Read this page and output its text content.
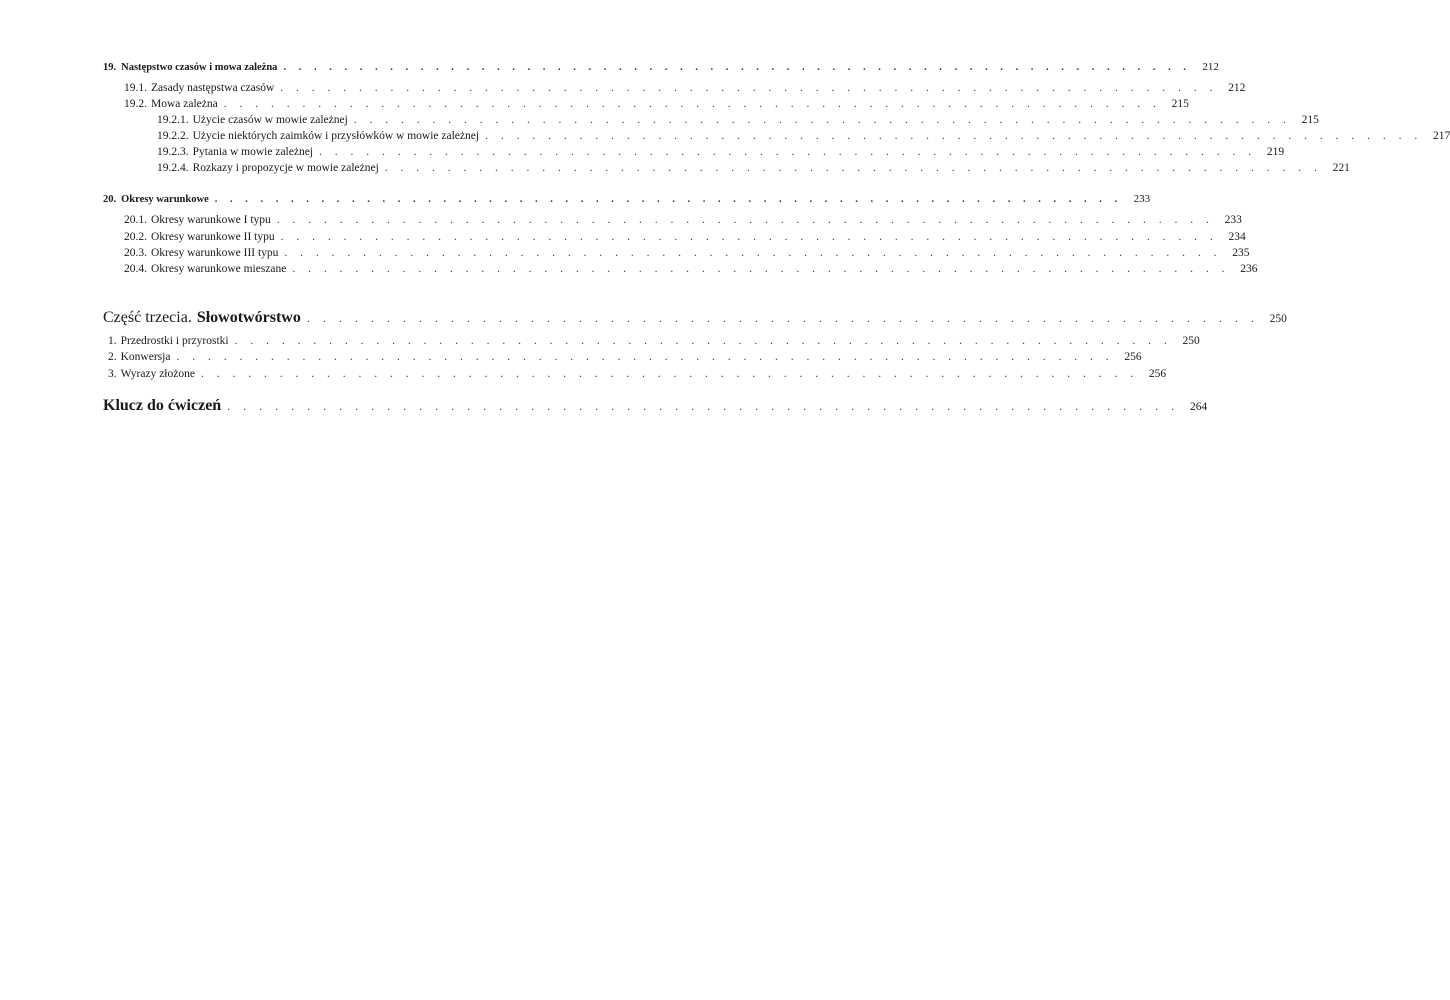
19. Następstwo czasów i mowa zależna . . . . . . . . . . . . . . . . . . . . . . . . . . . . . . . . . . . . . . . . . . . . . . . . . . . . . . . . . . . .	212
19.1. Zasady następstwa czasów . . . . . . . . . . . . . . . . . . . . . . . . . . . . . . . . . . . . . . . . . . . . . . . . . . . . . . . . . . . . 212
19.2. Mowa zależna . . . . . . . . . . . . . . . . . . . . . . . . . . . . . . . . . . . . . . . . . . . . . . . . . . . . . . . . . . . . 215
19.2.1. Użycie czasów w mowie zależnej . . . . . . . . . . . . . . . . . . . . . . . . . . . . . . . . . . . . . . . . . . . . . . . . . . . . . . . . . . . . 215
19.2.2. Użycie niektórych zaimków i przysłówków w mowie zależnej . . . . . . . . . . . . . . . . . . . . . . . . . . . . . . . . . . . . . . . . . . . . . . . . . . . . . . . . . . . . 217
19.2.3. Pytania w mowie zależnej . . . . . . . . . . . . . . . . . . . . . . . . . . . . . . . . . . . . . . . . . . . . . . . . . . . . . . . . . . . . 219
19.2.4. Rozkazy i propozycje w mowie zależnej . . . . . . . . . . . . . . . . . . . . . . . . . . . . . . . . . . . . . . . . . . . . . . . . . . . . . . . . . . . . 221
20. Okresy warunkowe . . . . . . . . . . . . . . . . . . . . . . . . . . . . . . . . . . . . . . . . . . . . . . . . . . . . . . . . . . . .	233
20.1. Okresy warunkowe I typu . . . . . . . . . . . . . . . . . . . . . . . . . . . . . . . . . . . . . . . . . . . . . . . . . . . . . . . . . . . . 233
20.2. Okresy warunkowe II typu . . . . . . . . . . . . . . . . . . . . . . . . . . . . . . . . . . . . . . . . . . . . . . . . . . . . . . . . . . . . 234
20.3. Okresy warunkowe III typu . . . . . . . . . . . . . . . . . . . . . . . . . . . . . . . . . . . . . . . . . . . . . . . . . . . . . . . . . . . . 235
20.4. Okresy warunkowe mieszane . . . . . . . . . . . . . . . . . . . . . . . . . . . . . . . . . . . . . . . . . . . . . . . . . . . . . . . . . . . . 236
Część trzecia. Słowotwórstwo . . . . . . . . . . . . . . . . . . . . . . . . . . . . . . . . . . . . . . . . . . . . . . . . . . . . . . . . . . . . 250
1. Przedrostki i przyrostki . . . . . . . . . . . . . . . . . . . . . . . . . . . . . . . . . . . . . . . . . . . . . . . . . . . . . . . . . . . . 250
2. Konwersja . . . . . . . . . . . . . . . . . . . . . . . . . . . . . . . . . . . . . . . . . . . . . . . . . . . . . . . . . . . . 256
3. Wyrazy złożone . . . . . . . . . . . . . . . . . . . . . . . . . . . . . . . . . . . . . . . . . . . . . . . . . . . . . . . . . . . . 256
Klucz do ćwiczeń . . . . . . . . . . . . . . . . . . . . . . . . . . . . . . . . . . . . . . . . . . . . . . . . . . . . . . . . . . . . 264
